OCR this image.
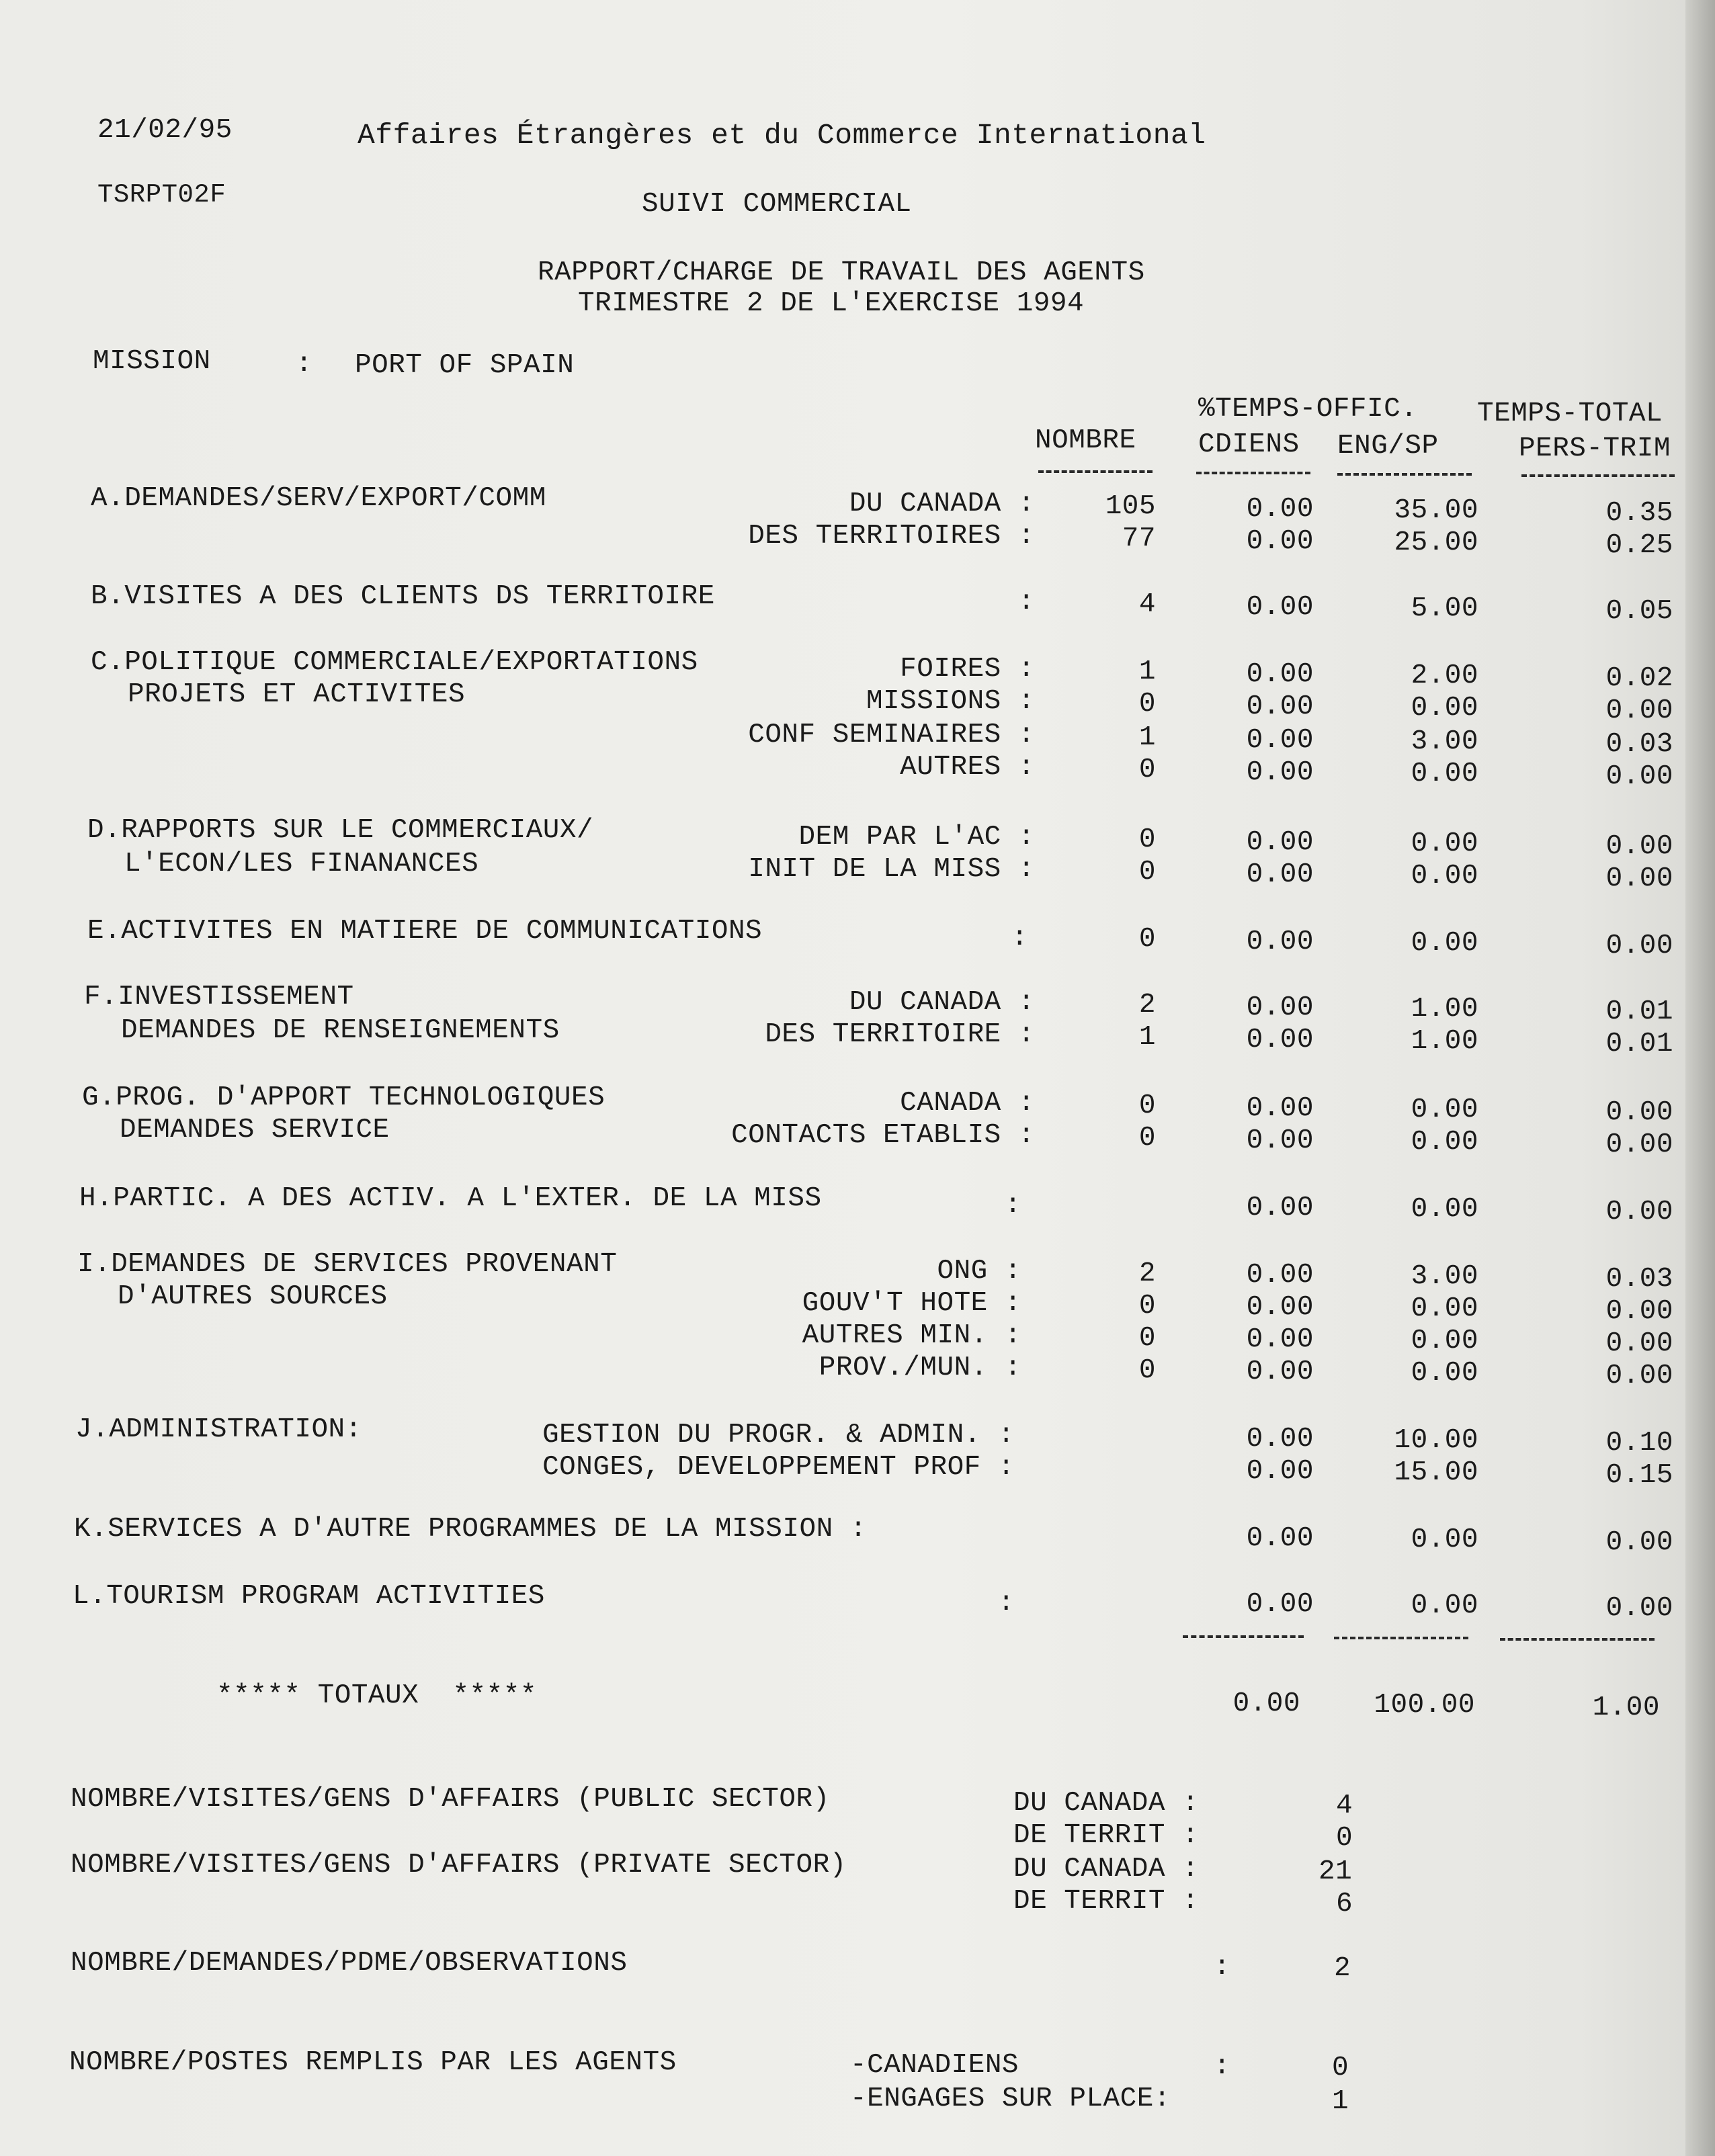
21/02/95	Affaires Étrangères et du Commerce International
TSRPT02F	SUIVI COMMERCIAL
RAPPORT/CHARGE DE TRAVAIL DES AGENTS
TRIMESTRE 2 DE L'EXERCISE 1994
MISSION	: PORT OF SPAIN
%TEMPS-OFFIC. TEMPS-TOTAL
NOMBRE CDIENS ENG/SP	PERS-TRIM
A.DEMANDES/SERV/EXPORT/COMM	DU CANADA :	105	0.00	35.00	0.35
DES TERRITOIRES :	77	0.00	25.00	0.25
B.VISITES A DES CLIENTS DS TERRITOIRE	:	4	0.00	5.00	0.05
C.POLITIQUE COMMERCIALE/EXPORTATIONS
PROJETS ET ACTIVITES
FOIRES :	1	0.00	2.00	0.02
MISSIONS :	0	0.00	0.00	0.00
CONF SEMINAIRES :	1	0.00	3.00	0.03
AUTRES :	0	0.00	0.00	0.00
D.RAPPORTS SUR LE COMMERCIAUX/
L'ECON/LES FINANANCES
DEM PAR L'AC :	0	0.00	0.00	0.00
INIT DE LA MISS :	0	0.00	0.00	0.00
E.ACTIVITES EN MATIERE DE COMMUNICATIONS	:	0	0.00	0.00	0.00
F.INVESTISSEMENT
DEMANDES DE RENSEIGNEMENTS
DU CANADA :	2	0.00	1.00	0.01
DES TERRITOIRE :	1	0.00	1.00	0.01
G.PROG. D'APPORT TECHNOLOGIQUES
DEMANDES SERVICE
CANADA :	0	0.00	0.00	0.00
CONTACTS ETABLIS :	0	0.00	0.00	0.00
H.PARTIC. A DES ACTIV. A L'EXTER. DE LA MISS	:	0.00	0.00	0.00
I.DEMANDES DE SERVICES PROVENANT
D'AUTRES SOURCES
ONG :	2	0.00	3.00	0.03
GOUV'T HOTE :	0	0.00	0.00	0.00
AUTRES MIN. :	0	0.00	0.00	0.00
PROV./MUN. :	0	0.00	0.00	0.00
J.ADMINISTRATION:	GESTION DU PROGR. & ADMIN. :	0.00	10.00	0.10
CONGES, DEVELOPPEMENT PROF :	0.00	15.00	0.15
K.SERVICES A D'AUTRE PROGRAMMES DE LA MISSION :	0.00	0.00	0.00
L.TOURISM PROGRAM ACTIVITIES	:	0.00	0.00	0.00
***** TOTAUX  *****	0.00	100.00	1.00
NOMBRE/VISITES/GENS D'AFFAIRS (PUBLIC SECTOR)	DU CANADA :	4
DE TERRIT :	0
NOMBRE/VISITES/GENS D'AFFAIRS (PRIVATE SECTOR)	DU CANADA :	21
DE TERRIT :	6
NOMBRE/DEMANDES/PDME/OBSERVATIONS	:	2
NOMBRE/POSTES REMPLIS PAR LES AGENTS	-CANADIENS	:	0
-ENGAGES SUR PLACE:	1
